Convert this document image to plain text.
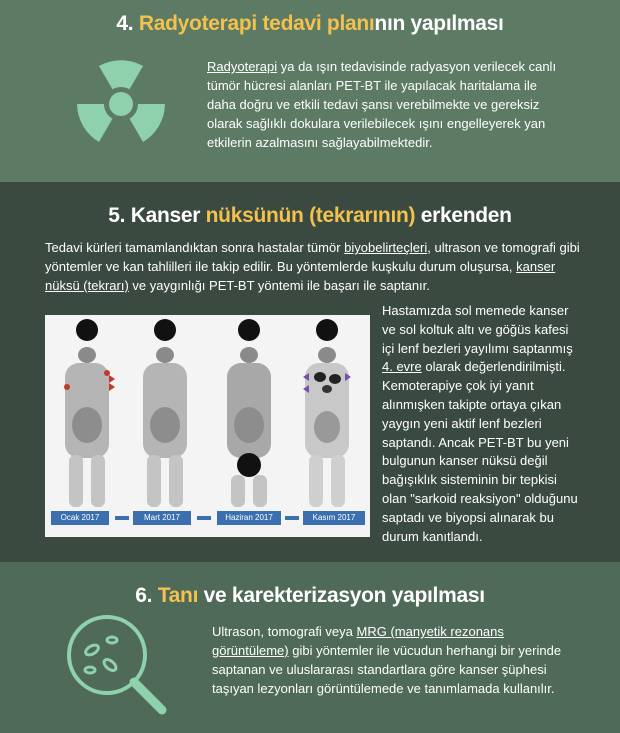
4. Radyoterapi tedavi planının yapılması
Radyoterapi ya da ışın tedavisinde radyasyon verilecek canlı tümör hücresi alanları PET-BT ile yapılacak haritalama ile daha doğru ve etkili tedavi şansı verebilmekte ve gereksiz olarak sağlıklı dokulara verilebilecek ışını engelleyerek yan etkilerin azalmasını sağlayabilmektedir.
5. Kanser nüksünün (tekrarının) erkenden
Tedavi kürleri tamamlandıktan sonra hastalar tümör biyobelirteçleri, ultrason ve tomografi gibi yöntemler ve kan tahlilleri ile takip edilir. Bu yöntemlerde kuşkulu durum oluşursa, kanser nüksü (tekrarı) ve yaygınlığı PET-BT yöntemi ile başarı ile saptanır.
Ocak 2017	Mart 2017	Haziran 2017	Kasım 2017
Hastamızda sol memede kanser ve sol koltuk altı ve göğüs kafesi içi lenf bezleri yayılımı saptanmış 4. evre olarak değerlendirilmişti. Kemoterapiye çok iyi yanıt alınmışken takipte ortaya çıkan yaygın yeni aktif lenf bezleri saptandı. Ancak PET-BT bu yeni bulgunun kanser nüksü değil bağışıklık sisteminin bir tepkisi olan "sarkoid reaksiyon" olduğunu saptadı ve biyopsi alınarak bu durum kanıtlandı.
6. Tanı ve karekterizasyon yapılması
Ultrason, tomografi veya MRG (manyetik rezonans görüntüleme) gibi yöntemler ile vücudun herhangi bir yerinde saptanan ve uluslararası standartlara göre kanser şüphesi taşıyan lezyonları görüntülemede ve tanımlamada kullanılır.
